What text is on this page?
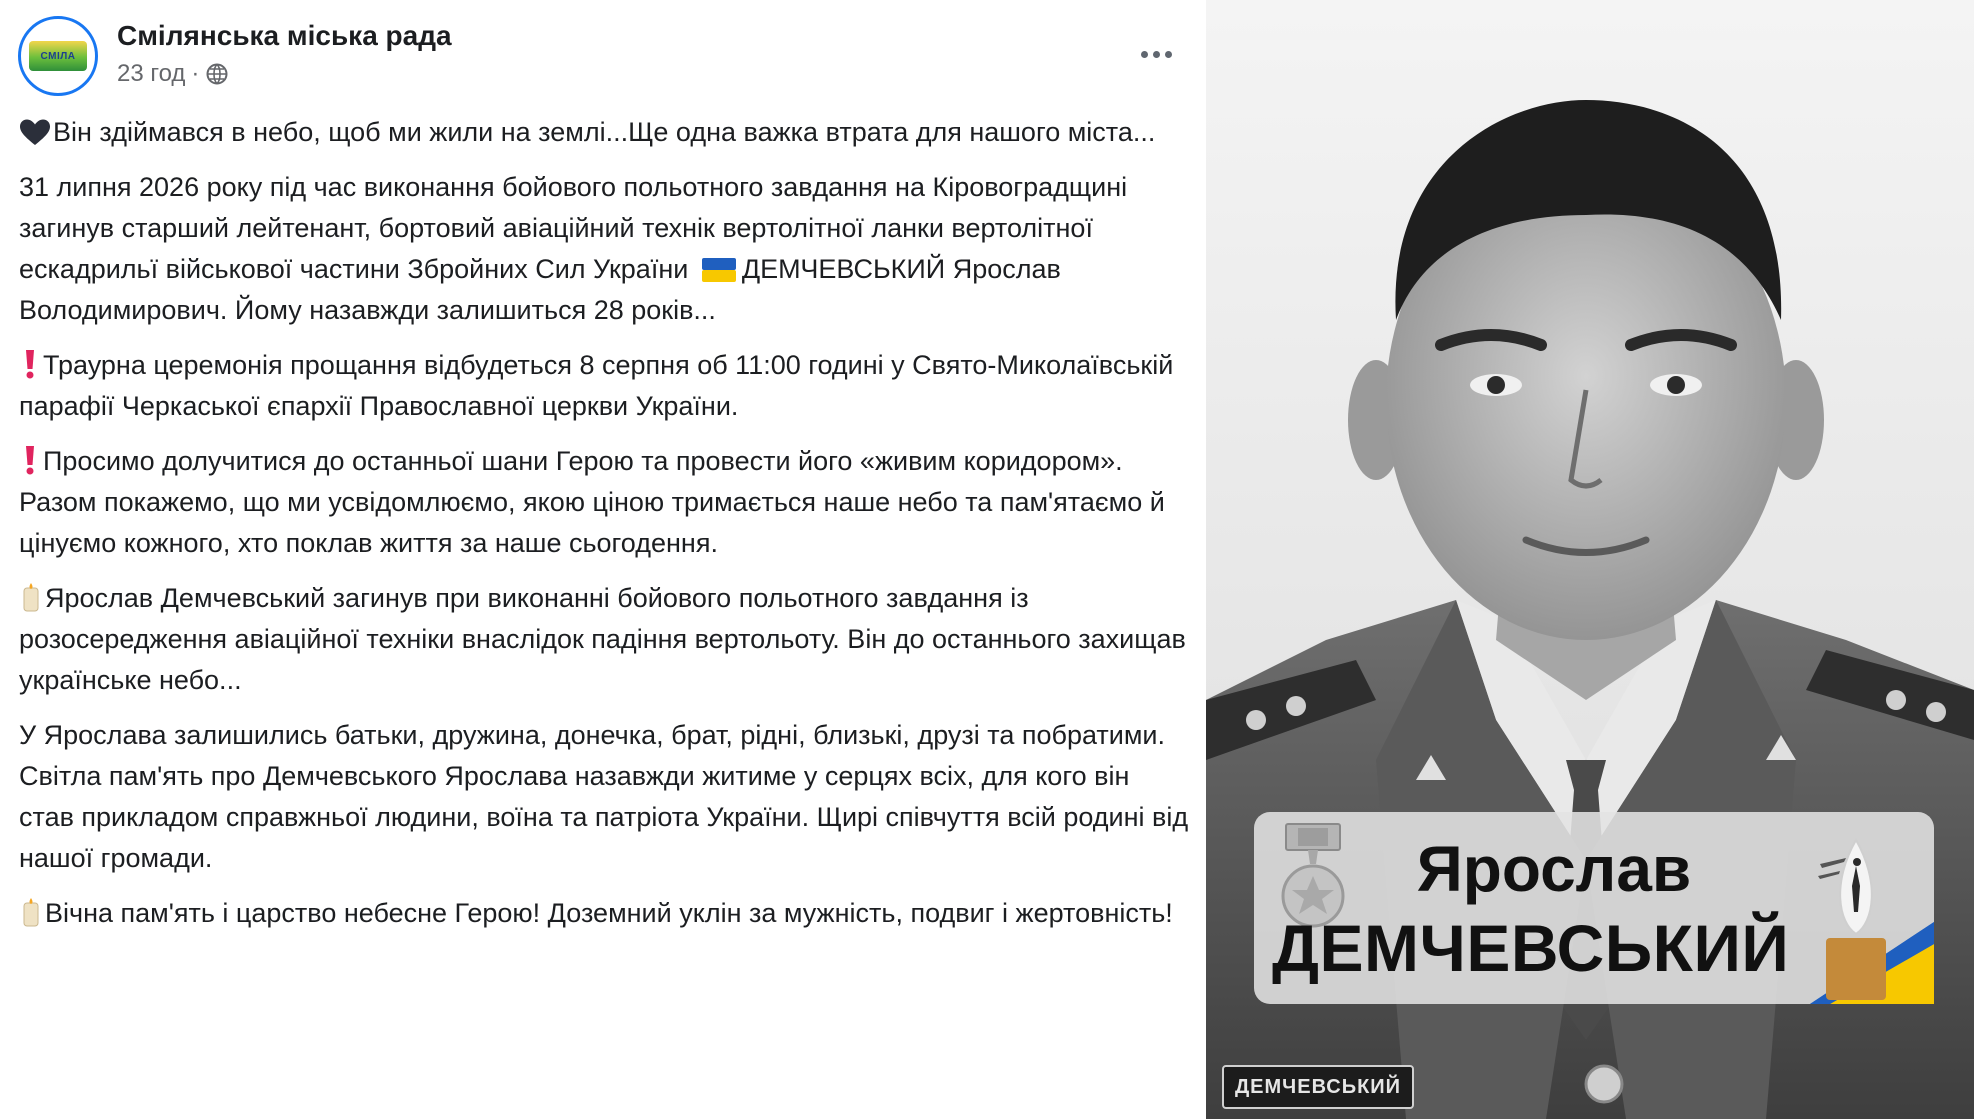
СМІЛА
Смілянська міська рада
23 год ·

Він здіймався в небо, щоб ми жили на землі...Ще одна важка втрата для нашого міста...

31 липня 2026 року під час виконання бойового польотного завдання на Кіровоградщині загинув старший лейтенант, бортовий авіаційний технік вертолітної ланки вертолітної ескадрильї військової частини Збройних Сил України ДЕМЧЕВСЬКИЙ Ярослав Володимирович. Йому назавжди залишиться 28 років...

Траурна церемонія прощання відбудеться 8 серпня об 11:00 годині у Свято-Миколаївській парафії Черкаської єпархії Православної церкви України.

Просимо долучитися до останньої шани Герою та провести його «живим коридором». Разом покажемо, що ми усвідомлюємо, якою ціною тримається наше небо та пам'ятаємо й цінуємо кожного, хто поклав життя за наше сьогодення.

Ярослав Демчевський загинув при виконанні бойового польотного завдання із розосередження авіаційної техніки внаслідок падіння вертольоту. Він до останнього захищав українське небо...

У Ярослава залишились батьки, дружина, донечка, брат, рідні, близькі, друзі та побратими. Світла пам'ять про Демчевського Ярослава назавжди житиме у серцях всіх, для кого він став прикладом справжньої людини, воїна та патріота України. Щирі співчуття всій родині від нашої громади.

Вічна пам'ять і царство небесне Герою! Доземний уклін за мужність, подвиг і жертовність!

Ярослав
ДЕМЧЕВСЬКИЙ
ДЕМЧЕВСЬКИЙ
